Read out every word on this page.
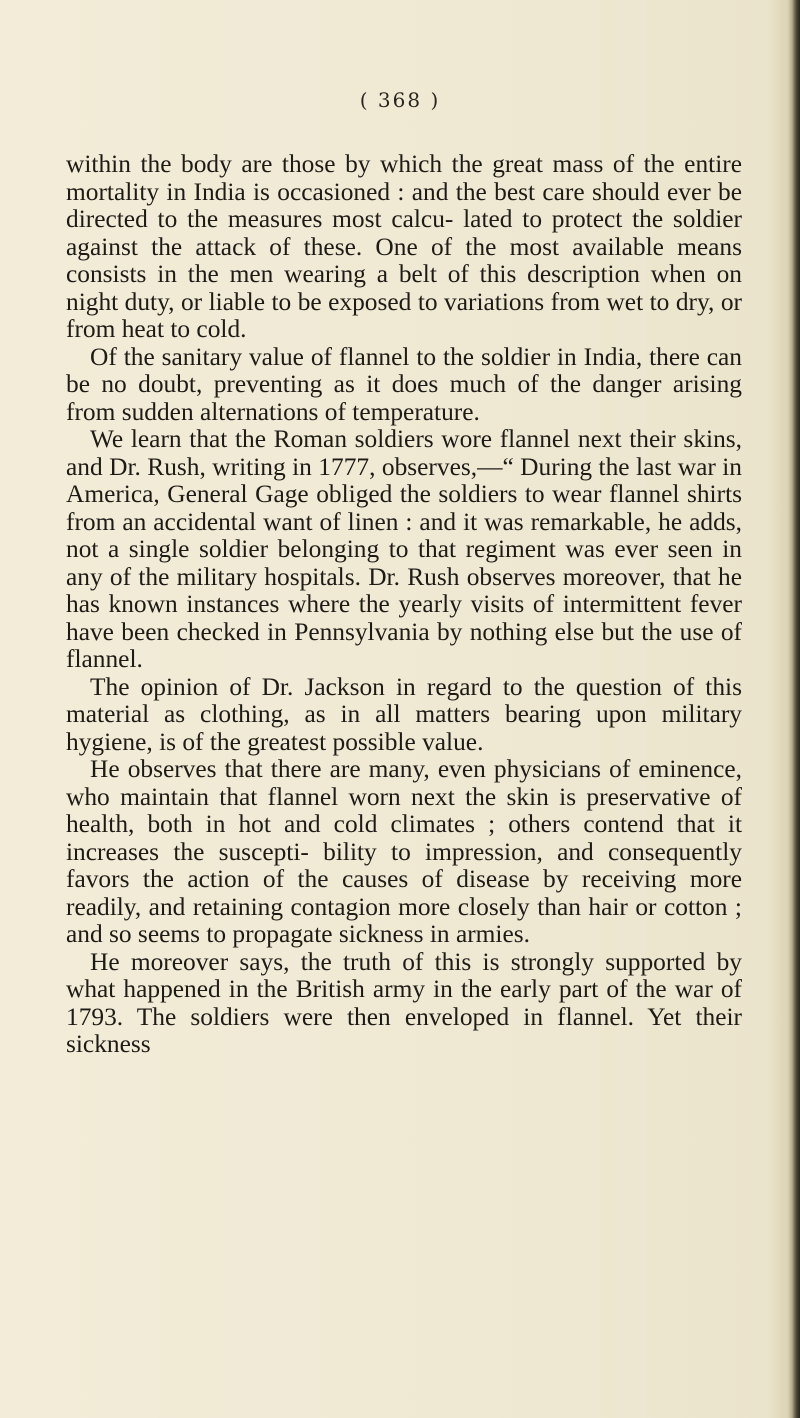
( 368 )

within the body are those by which the great mass of the entire mortality in India is occasioned : and the best care should ever be directed to the measures most calcu- lated to protect the soldier against the attack of these. One of the most available means consists in the men wearing a belt of this description when on night duty, or liable to be exposed to variations from wet to dry, or from heat to cold.

Of the sanitary value of flannel to the soldier in India, there can be no doubt, preventing as it does much of the danger arising from sudden alternations of temperature.

We learn that the Roman soldiers wore flannel next their skins, and Dr. Rush, writing in 1777, observes,—“ During the last war in America, General Gage obliged the soldiers to wear flannel shirts from an accidental want of linen : and it was remarkable, he adds, not a single soldier belonging to that regiment was ever seen in any of the military hospitals. Dr. Rush observes moreover, that he has known instances where the yearly visits of intermittent fever have been checked in Pennsylvania by nothing else but the use of flannel.

The opinion of Dr. Jackson in regard to the question of this material as clothing, as in all matters bearing upon military hygiene, is of the greatest possible value.

He observes that there are many, even physicians of eminence, who maintain that flannel worn next the skin is preservative of health, both in hot and cold climates ; others contend that it increases the suscepti- bility to impression, and consequently favors the action of the causes of disease by receiving more readily, and retaining contagion more closely than hair or cotton ; and so seems to propagate sickness in armies.

He moreover says, the truth of this is strongly supported by what happened in the British army in the early part of the war of 1793. The soldiers were then enveloped in flannel. Yet their sickness
